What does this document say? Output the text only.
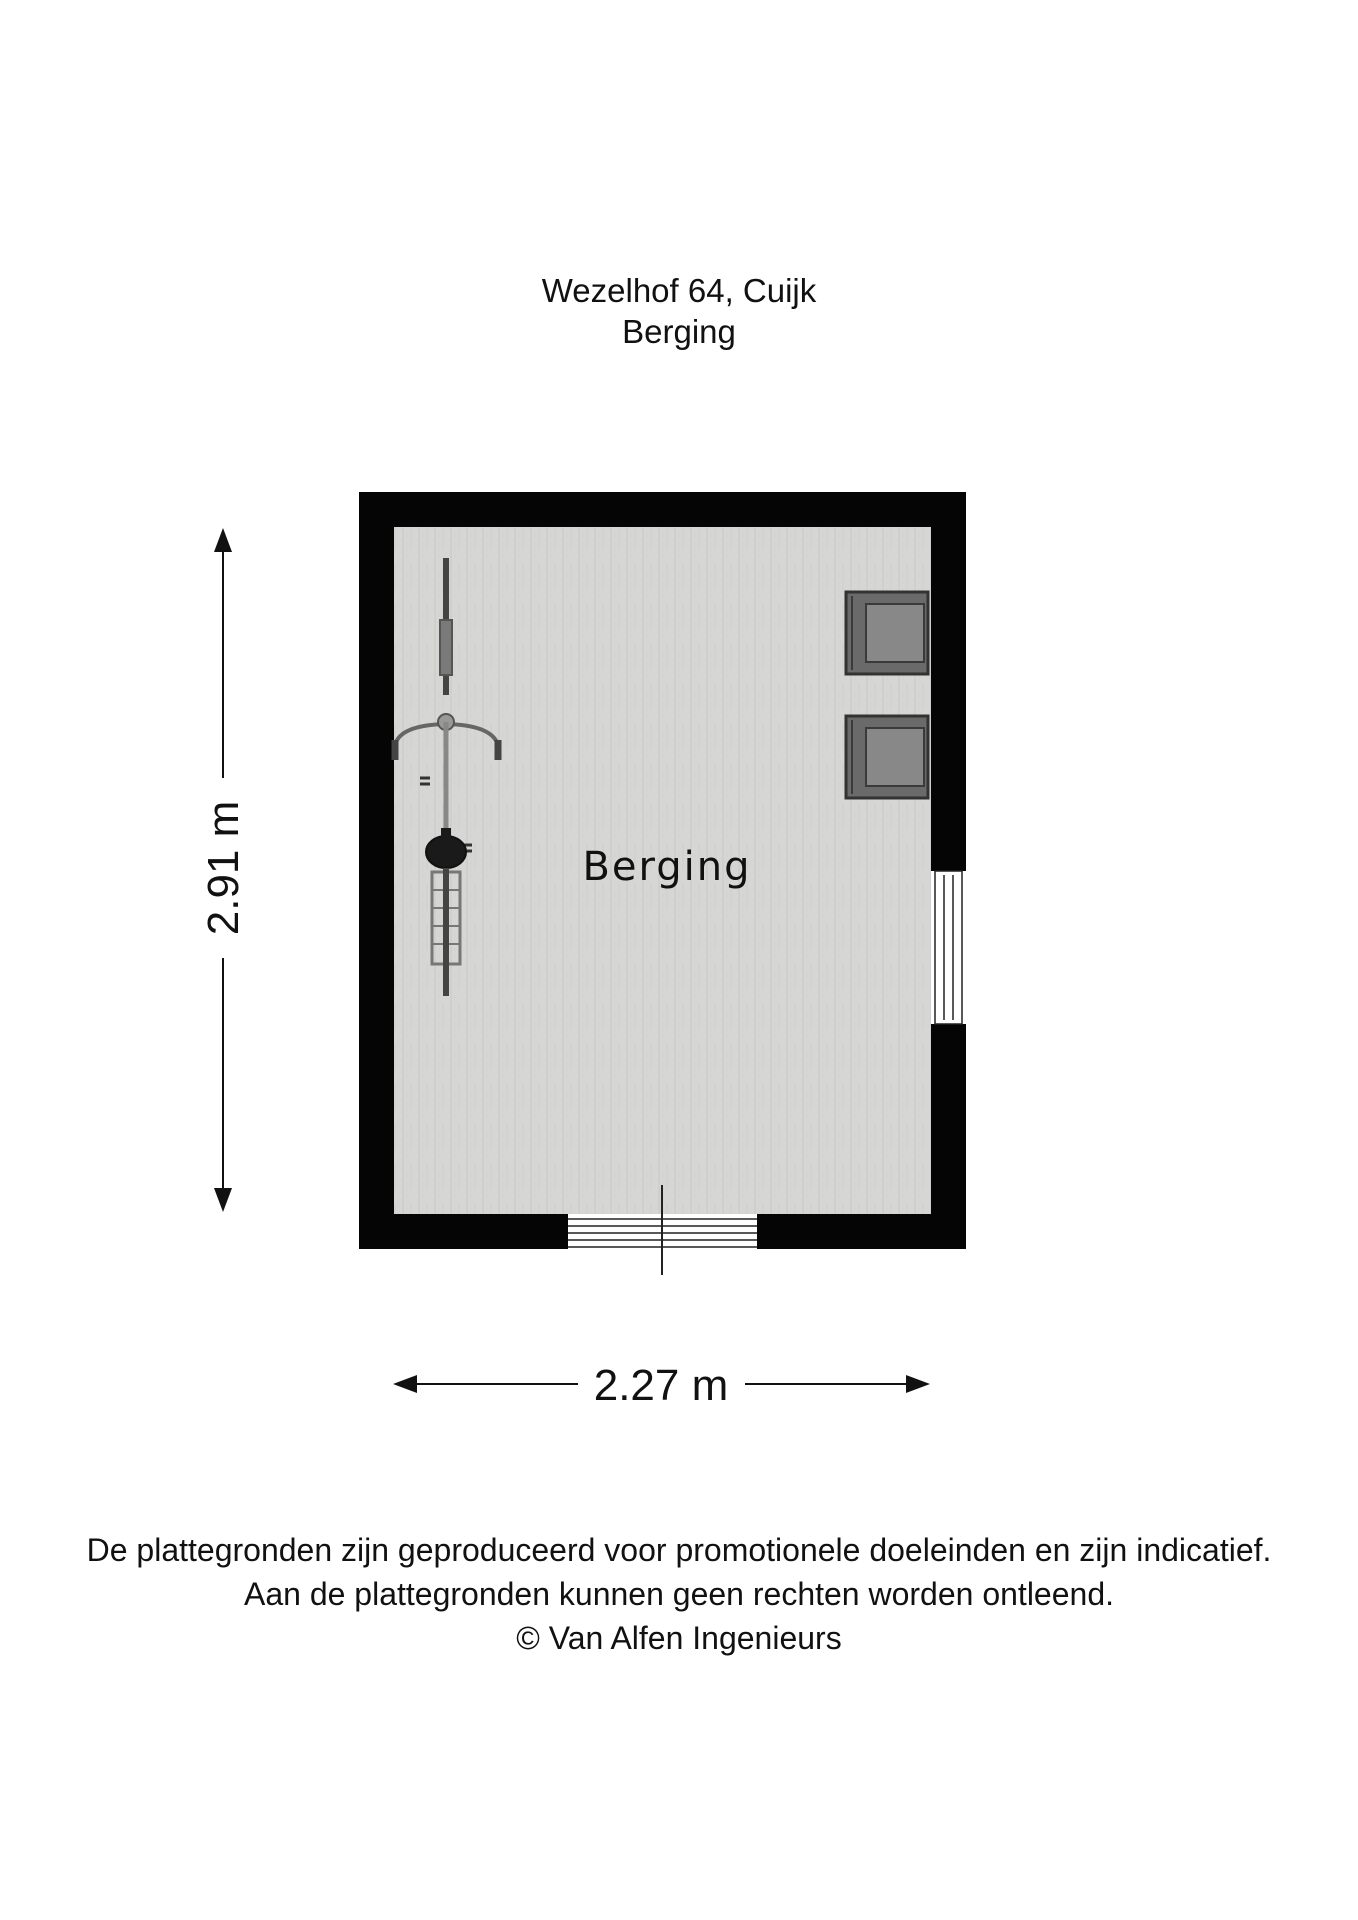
Wezelhof 64, Cuijk
Berging
Berging
2.91 m
2.27 m
De plattegronden zijn geproduceerd voor promotionele doeleinden en zijn indicatief.
Aan de plattegronden kunnen geen rechten worden ontleend.
© Van Alfen Ingenieurs
